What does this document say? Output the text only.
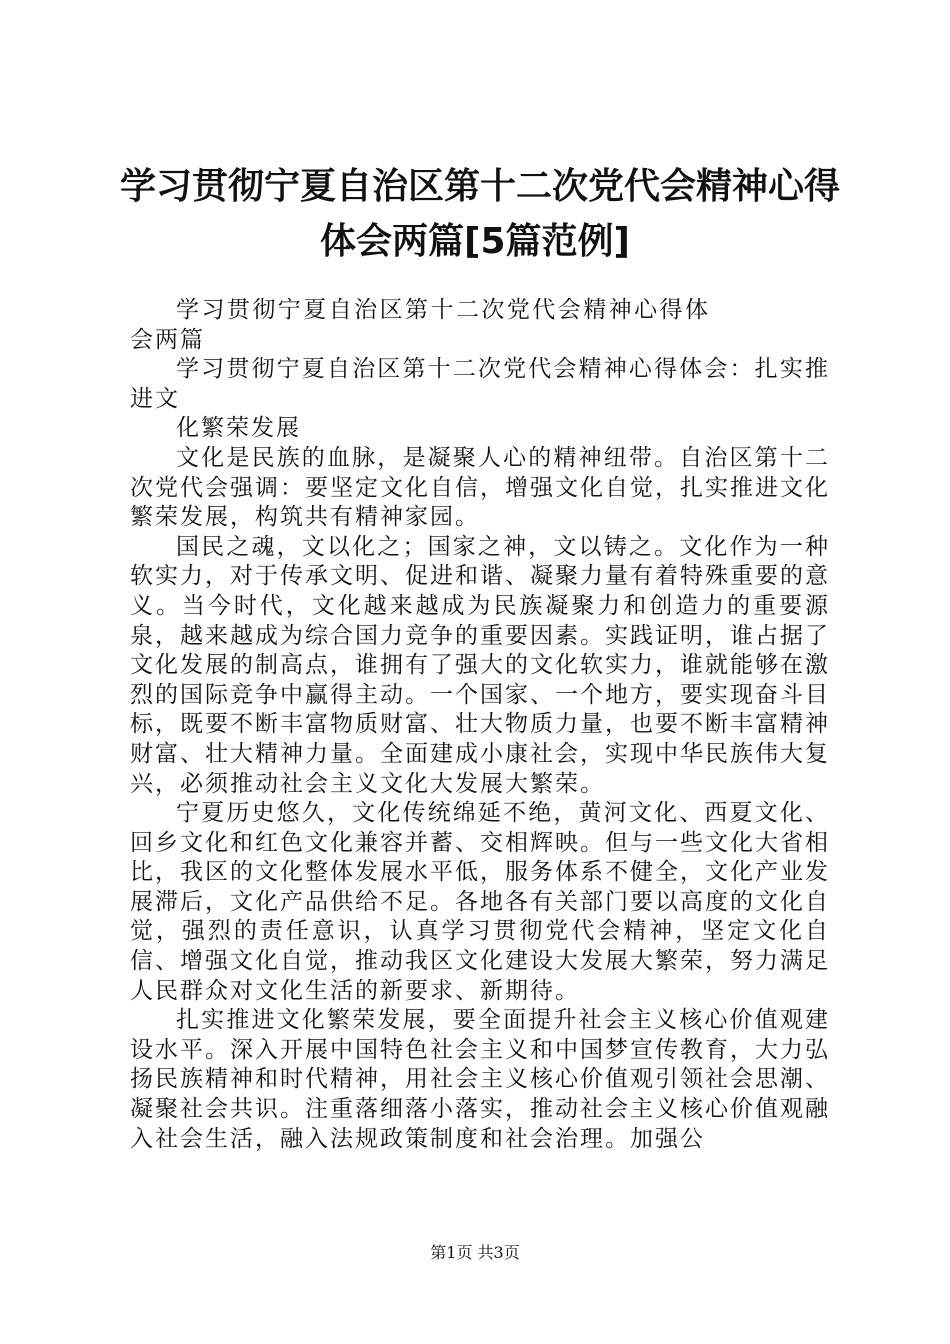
学习贯彻宁夏自治区第十二次党代会精神心得
体会两篇[5篇范例]

学习贯彻宁夏自治区第十二次党代会精神心得体会两篇

学习贯彻宁夏自治区第十二次党代会精神心得体会：扎实推进文

化繁荣发展

文化是民族的血脉，是凝聚人心的精神纽带。自治区第十二次党代会强调：要坚定文化自信，增强文化自觉，扎实推进文化繁荣发展，构筑共有精神家园。

国民之魂，文以化之；国家之神，文以铸之。文化作为一种软实力，对于传承文明、促进和谐、凝聚力量有着特殊重要的意义。当今时代，文化越来越成为民族凝聚力和创造力的重要源泉，越来越成为综合国力竞争的重要因素。实践证明，谁占据了文化发展的制高点，谁拥有了强大的文化软实力，谁就能够在激烈的国际竞争中赢得主动。一个国家、一个地方，要实现奋斗目标，既要不断丰富物质财富、壮大物质力量，也要不断丰富精神财富、壮大精神力量。全面建成小康社会，实现中华民族伟大复兴，必须推动社会主义文化大发展大繁荣。

宁夏历史悠久，文化传统绵延不绝，黄河文化、西夏文化、回乡文化和红色文化兼容并蓄、交相辉映。但与一些文化大省相比，我区的文化整体发展水平低，服务体系不健全，文化产业发展滞后，文化产品供给不足。各地各有关部门要以高度的文化自觉，强烈的责任意识，认真学习贯彻党代会精神，坚定文化自信、增强文化自觉，推动我区文化建设大发展大繁荣，努力满足人民群众对文化生活的新要求、新期待。

扎实推进文化繁荣发展，要全面提升社会主义核心价值观建设水平。深入开展中国特色社会主义和中国梦宣传教育，大力弘扬民族精神和时代精神，用社会主义核心价值观引领社会思潮、凝聚社会共识。注重落细落小落实，推动社会主义核心价值观融入社会生活，融入法规政策制度和社会治理。加强公

第1页 共3页
